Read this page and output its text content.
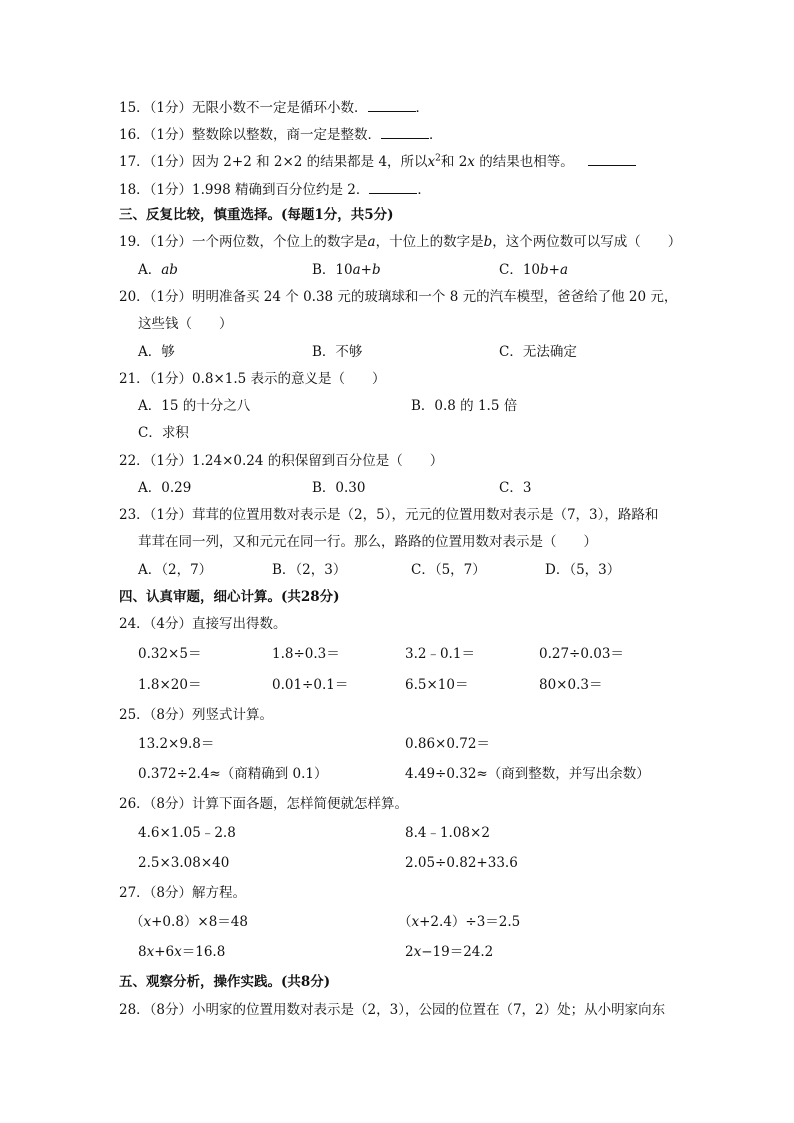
15．（1分）无限小数不一定是循环小数．	．
16．（1分）整数除以整数，商一定是整数．	．
17．（1分）因为 2+2 和 2×2 的结果都是 4，所以$x^2$和 2x 的结果也相等。
18．（1分）1.998 精确到百分位约是 2．	．
三、反复比较，慎重选择。(每题1分，共5分)
19．（1分）一个两位数，个位上的数字是a，十位上的数字是b，这个两位数可以写成（　　）
A．ab	B．10a+b	C．10b+a
20．（1分）明明准备买 24 个 0.38 元的玻璃球和一个 8 元的汽车模型，爸爸给了他 20 元，
这些钱（　　）
A．够	B．不够	C．无法确定
21．（1分）0.8×1.5 表示的意义是（　　）
A．15 的十分之八	B．0.8 的 1.5 倍
C．求积
22．（1分）1.24×0.24 的积保留到百分位是（　　）
A．0.29	B．0.30	C．3
23．（1分）茸茸的位置用数对表示是（2，5），元元的位置用数对表示是（7，3），路路和
茸茸在同一列，又和元元在同一行。那么，路路的位置用数对表示是（　　）
A．（2，7）	B．（2，3）	C．（5，7）	D．（5，3）
四、认真审题，细心计算。(共28分)
24．（4分）直接写出得数。
0.32×5＝	1.8÷0.3＝	3.2﹣0.1＝	0.27÷0.03＝
1.8×20＝	0.01÷0.1＝	6.5×10＝	80×0.3＝
25．（8分）列竖式计算。
13.2×9.8＝	0.86×0.72＝
0.372÷2.4≈（商精确到 0.1）	4.49÷0.32≈（商到整数，并写出余数）
26．（8分）计算下面各题，怎样简便就怎样算。
4.6×1.05﹣2.8	8.4﹣1.08×2
2.5×3.08×40	2.05÷0.82+33.6
27．（8分）解方程。
（x+0.8）×8＝48	（x+2.4）÷3＝2.5
8x+6x＝16.8	2x−19＝24.2
五、观察分析，操作实践。(共8分)
28．（8分）小明家的位置用数对表示是（2，3），公园的位置在（7，2）处；从小明家向东
